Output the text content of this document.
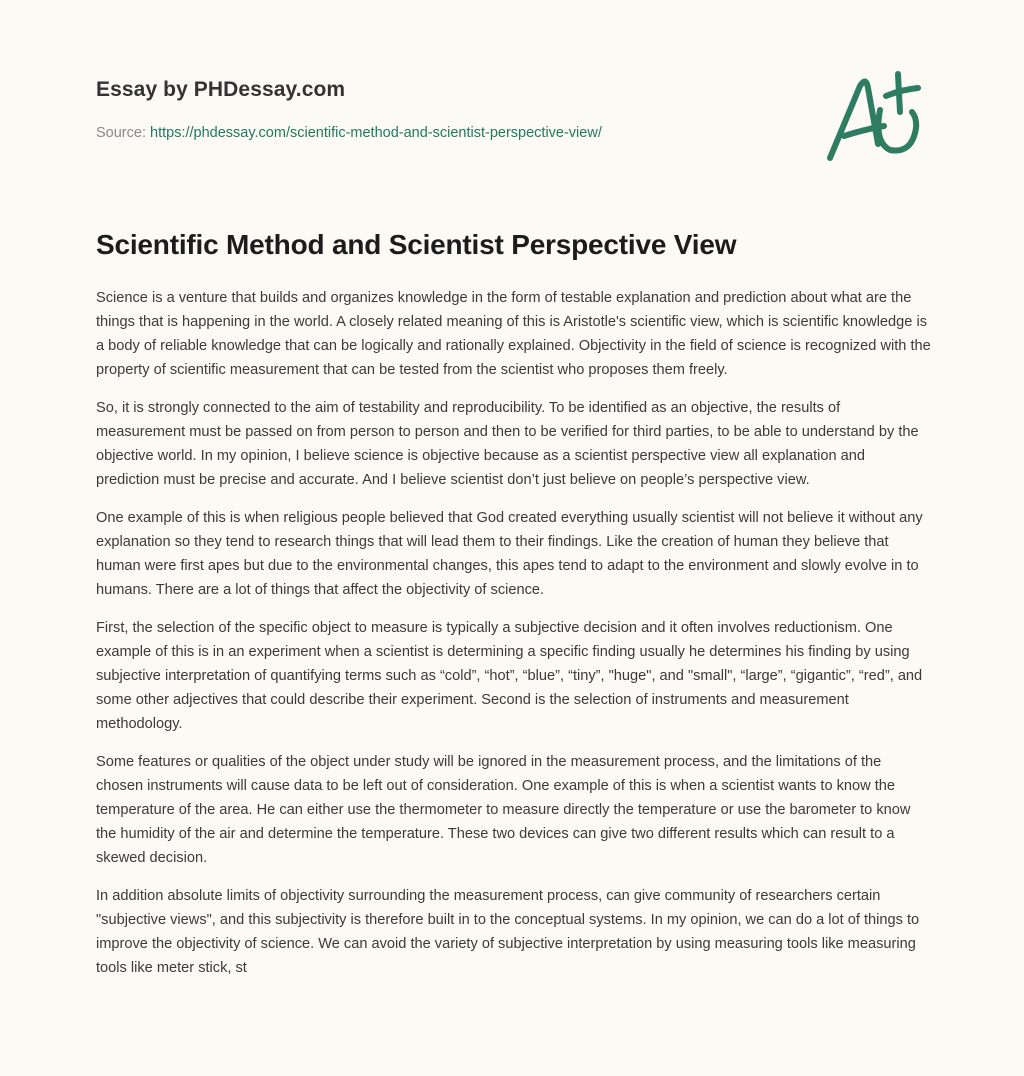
Essay by PHDessay.com
Source: https://phdessay.com/scientific-method-and-scientist-perspective-view/
Scientific Method and Scientist Perspective View

Science is a venture that builds and organizes knowledge in the form of testable explanation and prediction about what are the things that is happening in the world. A closely related meaning of this is Aristotle's scientific view, which is scientific knowledge is a body of reliable knowledge that can be logically and rationally explained. Objectivity in the field of science is recognized with the property of scientific measurement that can be tested from the scientist who proposes them freely.

So, it is strongly connected to the aim of testability and reproducibility. To be identified as an objective, the results of measurement must be passed on from person to person and then to be verified for third parties, to be able to understand by the objective world. In my opinion, I believe science is objective because as a scientist perspective view all explanation and prediction must be precise and accurate. And I believe scientist don’t just believe on people’s perspective view.

One example of this is when religious people believed that God created everything usually scientist will not believe it without any explanation so they tend to research things that will lead them to their findings. Like the creation of human they believe that human were first apes but due to the environmental changes, this apes tend to adapt to the environment and slowly evolve in to humans. There are a lot of things that affect the objectivity of science.

First, the selection of the specific object to measure is typically a subjective decision and it often involves reductionism. One example of this is in an experiment when a scientist is determining a specific finding usually he determines his finding by using subjective interpretation of quantifying terms such as “cold”, “hot”, “blue”, “tiny”, "huge", and "small", “large”, “gigantic”, “red”, and some other adjectives that could describe their experiment. Second is the selection of instruments and measurement methodology.

Some features or qualities of the object under study will be ignored in the measurement process, and the limitations of the chosen instruments will cause data to be left out of consideration. One example of this is when a scientist wants to know the temperature of the area. He can either use the thermometer to measure directly the temperature or use the barometer to know the humidity of the air and determine the temperature. These two devices can give two different results which can result to a skewed decision.

In addition absolute limits of objectivity surrounding the measurement process, can give community of researchers certain "subjective views", and this subjectivity is therefore built in to the conceptual systems. In my opinion, we can do a lot of things to improve the objectivity of science. We can avoid the variety of subjective interpretation by using measuring tools like measuring tools like meter stick, st
